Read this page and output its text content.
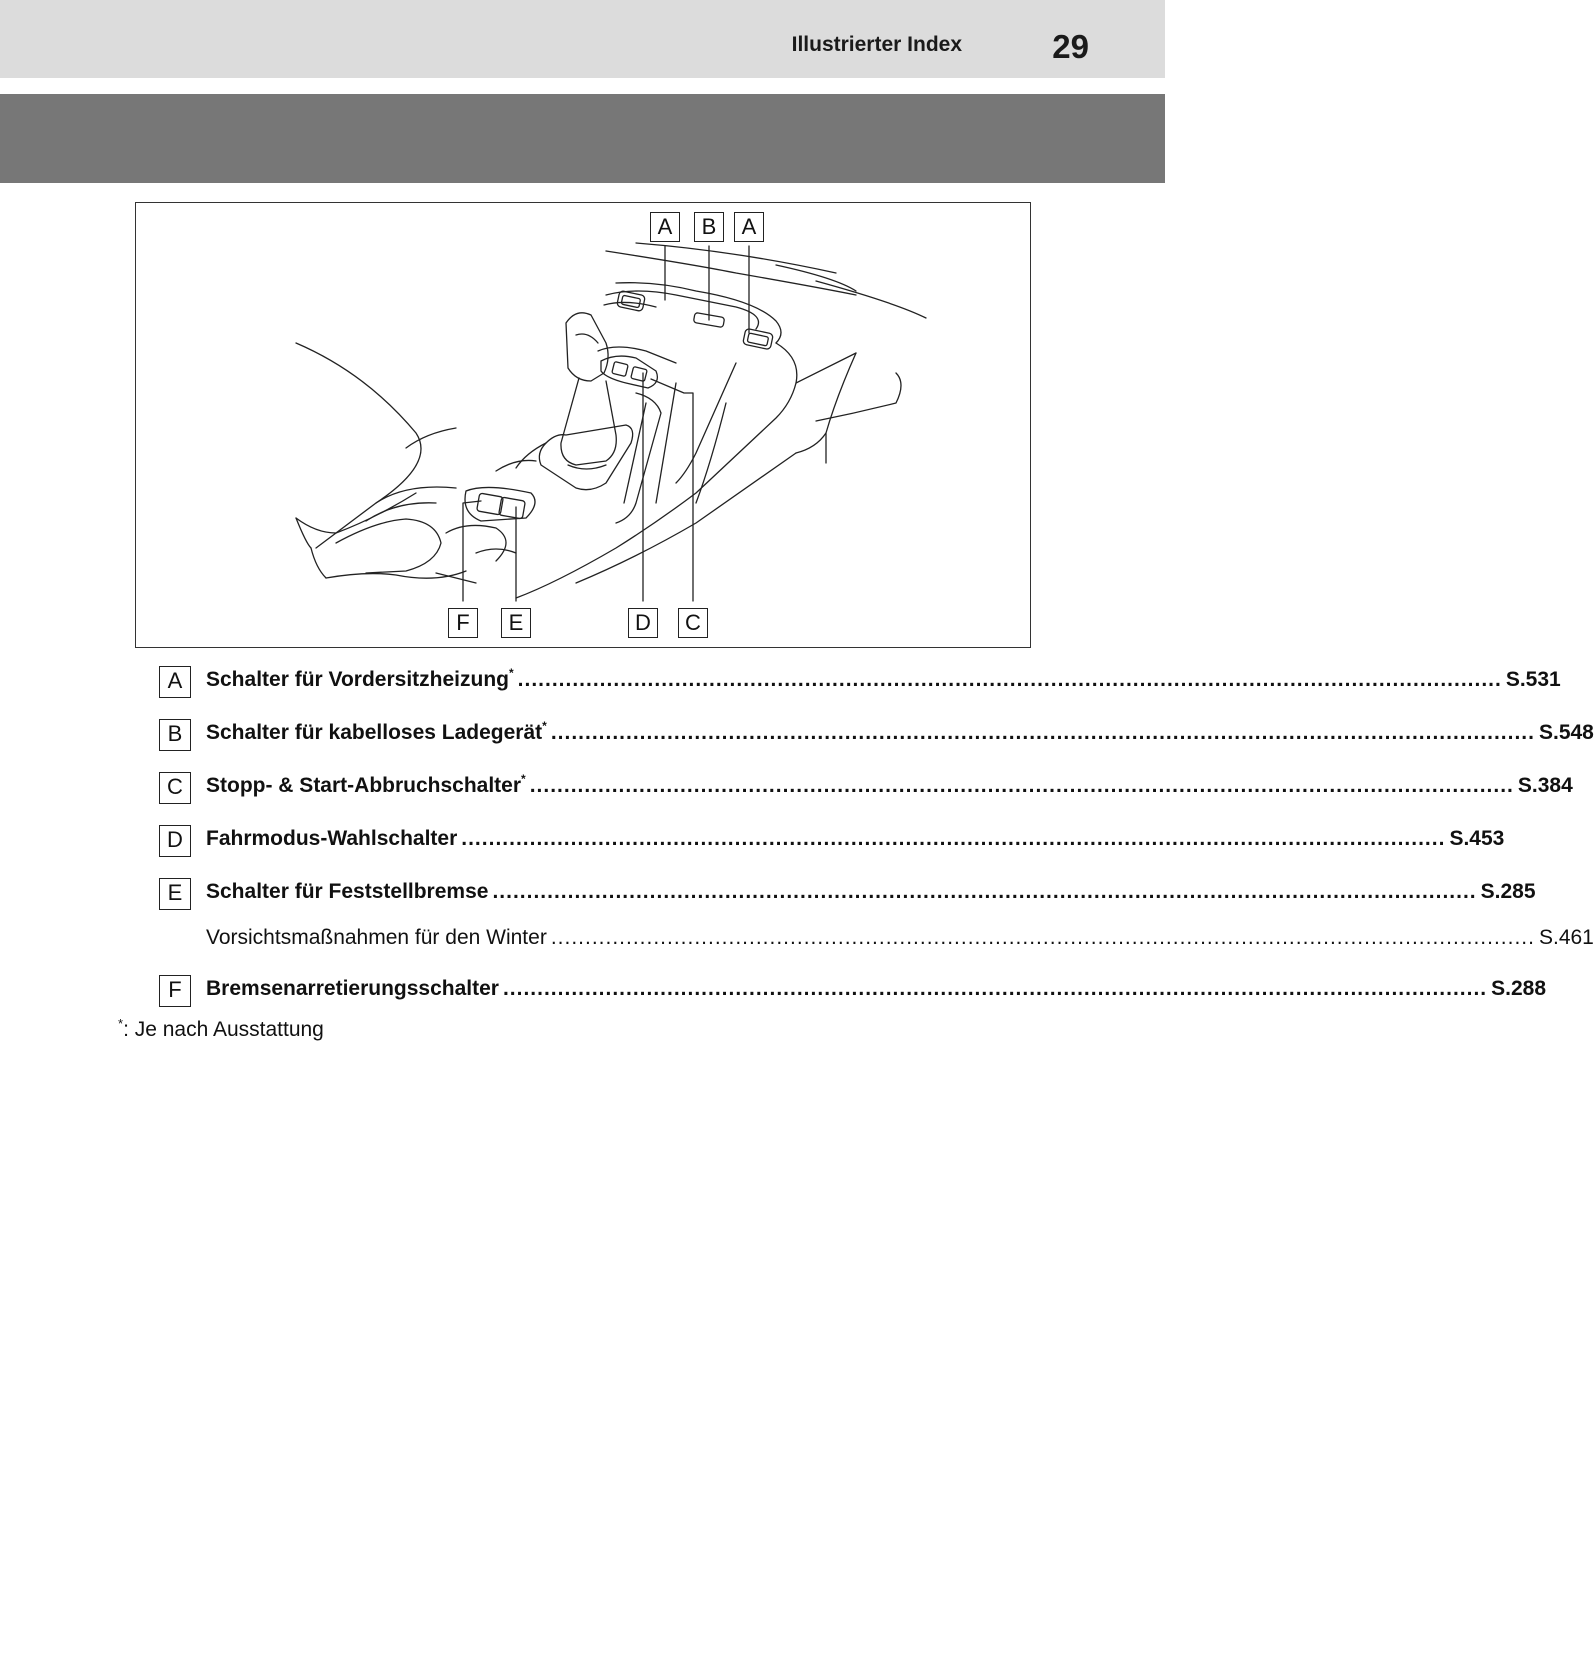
Illustrierter Index	29
A	B	A
F	E	D	C
A	Schalter für Vordersitzheizung* ................................................................................................................................................ S.531
B	Schalter für kabelloses Ladegerät* ................................................................................................................................................ S.548
C	Stopp- & Start-Abbruchschalter* ................................................................................................................................................ S.384
D	Fahrmodus-Wahlschalter ................................................................................................................................................ S.453
E	Schalter für Feststellbremse ................................................................................................................................................ S.285
Vorsichtsmaßnahmen für den Winter ................................................................................................................................................ S.461
F	Bremsenarretierungsschalter ................................................................................................................................................ S.288
*: Je nach Ausstattung
